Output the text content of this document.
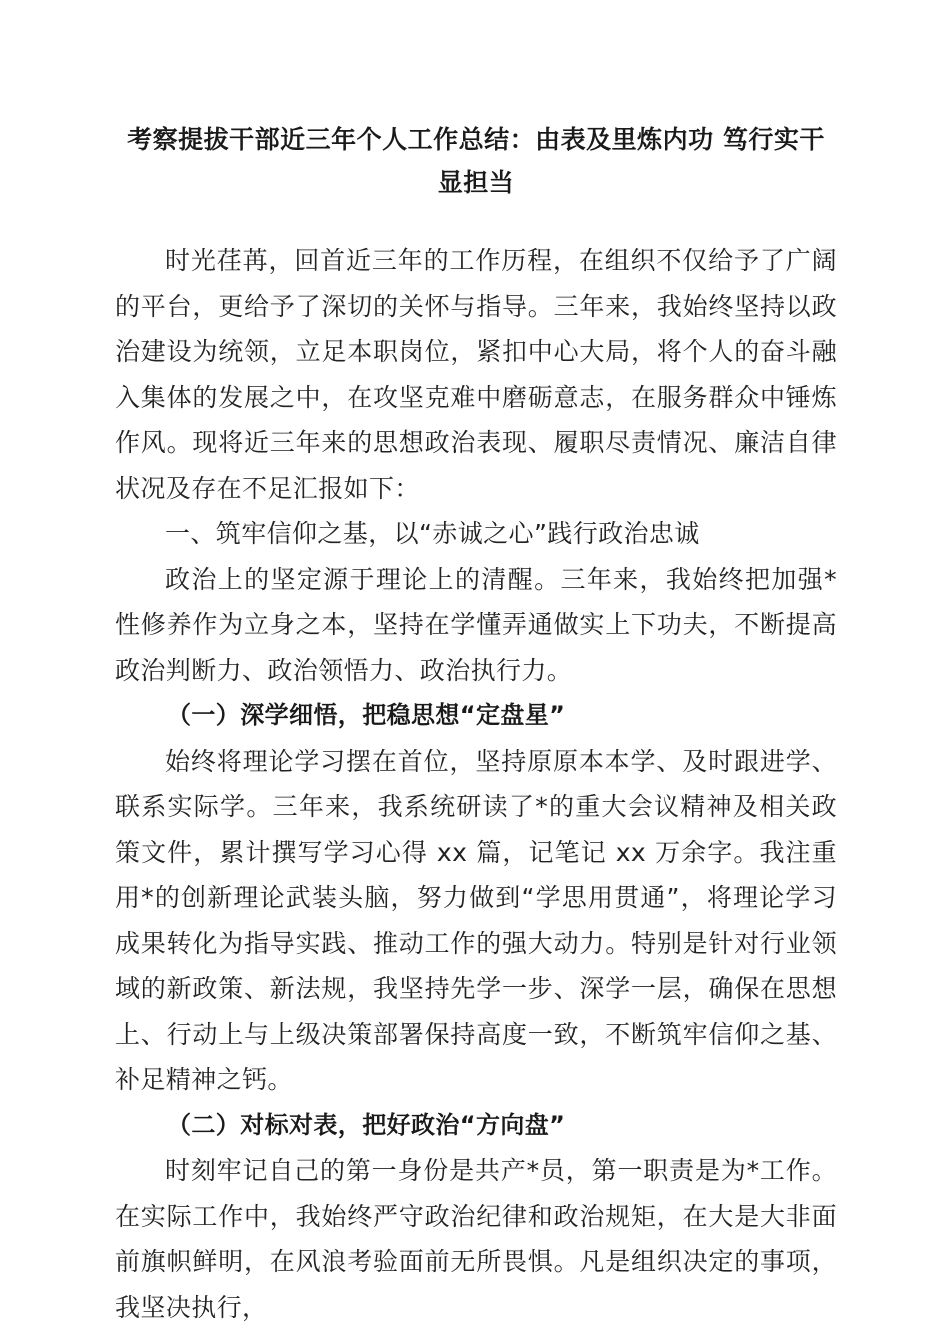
考察提拔干部近三年个人工作总结：由表及里炼内功 笃行实干显担当

时光荏苒，回首近三年的工作历程，在组织不仅给予了广阔的平台，更给予了深切的关怀与指导。三年来，我始终坚持以政治建设为统领，立足本职岗位，紧扣中心大局，将个人的奋斗融入集体的发展之中，在攻坚克难中磨砺意志，在服务群众中锤炼作风。现将近三年来的思想政治表现、履职尽责情况、廉洁自律状况及存在不足汇报如下：

一、筑牢信仰之基，以“赤诚之心”践行政治忠诚

政治上的坚定源于理论上的清醒。三年来，我始终把加强*性修养作为立身之本，坚持在学懂弄通做实上下功夫，不断提高政治判断力、政治领悟力、政治执行力。

（一）深学细悟，把稳思想“定盘星”

始终将理论学习摆在首位，坚持原原本本学、及时跟进学、联系实际学。三年来，我系统研读了*的重大会议精神及相关政策文件，累计撰写学习心得 xx 篇，记笔记 xx 万余字。我注重用*的创新理论武装头脑，努力做到“学思用贯通”，将理论学习成果转化为指导实践、推动工作的强大动力。特别是针对行业领域的新政策、新法规，我坚持先学一步、深学一层，确保在思想上、行动上与上级决策部署保持高度一致，不断筑牢信仰之基、补足精神之钙。

（二）对标对表，把好政治“方向盘”

时刻牢记自己的第一身份是共产*员，第一职责是为*工作。在实际工作中，我始终严守政治纪律和政治规矩，在大是大非面前旗帜鲜明，在风浪考验面前无所畏惧。凡是组织决定的事项，我坚决执行，
